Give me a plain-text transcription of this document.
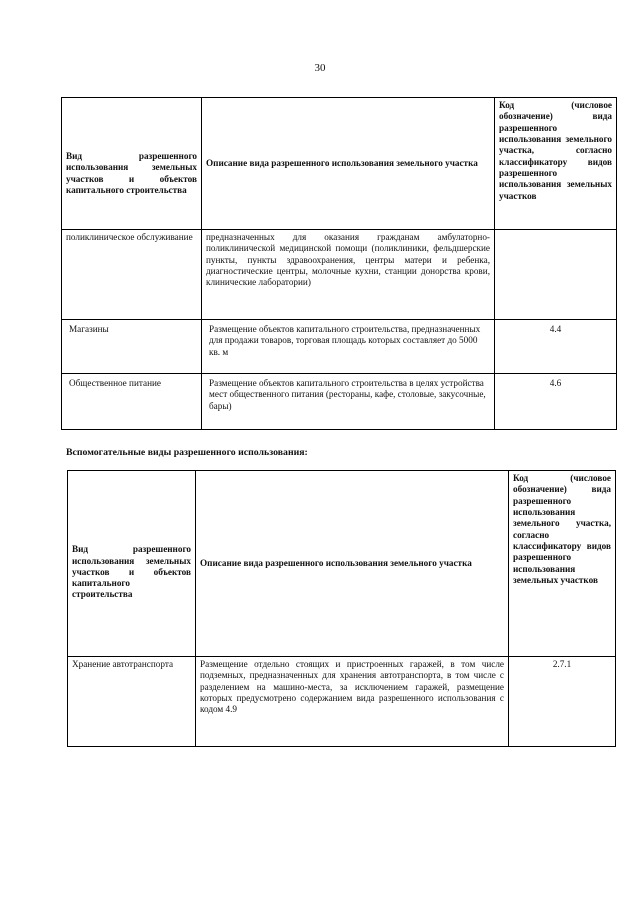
30
Вид разрешенного использования земельных участков и объектов капитального строительства	Описание вида разрешенного использования земельного участка	Код (числовое обозначение) вида разрешенного использования земельного участка, согласно классификатору видов разрешенного использования земельных участков
поликлиническое обслуживание	предназначенных для оказания гражданам амбулаторно-поликлинической медицинской помощи (поликлиники, фельдшерские пункты, пункты здравоохранения, центры матери и ребенка, диагностические центры, молочные кухни, станции донорства крови, клинические лаборатории)	
Магазины	Размещение объектов капитального строительства, предназначенных для продажи товаров, торговая площадь которых составляет до 5000 кв. м	4.4
Общественное питание	Размещение объектов капитального строительства в целях устройства мест общественного питания (рестораны, кафе, столовые, закусочные, бары)	4.6
Вспомогательные виды разрешенного использования:
Вид разрешенного использования земельных участков и объектов капитального строительства	Описание вида разрешенного использования земельного участка	Код (числовое обозначение) вида разрешенного использования земельного участка, согласно классификатору видов разрешенного использования земельных участков
Хранение автотранспорта	Размещение отдельно стоящих и пристроенных гаражей, в том числе подземных, предназначенных для хранения автотранспорта, в том числе с разделением на машино-места, за исключением гаражей, размещение которых предусмотрено содержанием вида разрешенного использования с кодом 4.9	2.7.1
